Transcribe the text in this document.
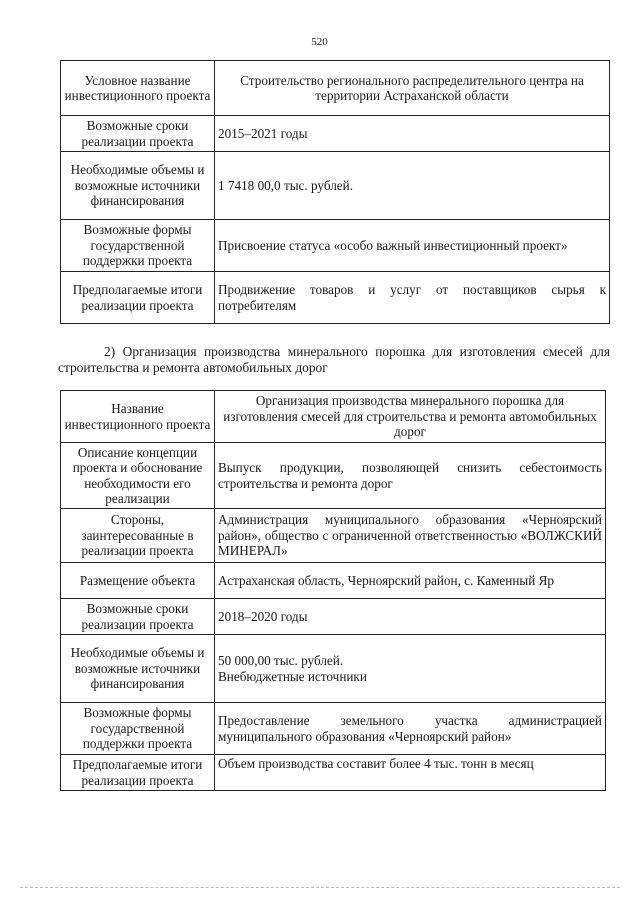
520
Условное название инвестиционного проекта	Строительство регионального распределительного центра на территории Астраханской области
Возможные сроки реализации проекта	2015–2021 годы
Необходимые объемы и возможные источники финансирования	1 7418 00,0 тыс. рублей.
Возможные формы государственной поддержки проекта	Присвоение статуса «особо важный инвестиционный проект»
Предполагаемые итоги реализации проекта	Продвижение товаров и услуг от поставщиков сырья к потребителям
2) Организация производства минерального порошка для изготовления смесей для строительства и ремонта автомобильных дорог
Название инвестиционного проекта	Организация производства минерального порошка для изготовления смесей для строительства и ремонта автомобильных дорог
Описание концепции проекта и обоснование необходимости его реализации	Выпуск продукции, позволяющей снизить себестоимость строительства и ремонта дорог
Стороны, заинтересованные в реализации проекта	Администрация муниципального образования «Черноярский район», общество с ограниченной ответственностью «ВОЛЖСКИЙ МИНЕРАЛ»
Размещение объекта	Астраханская область, Черноярский район, с. Каменный Яр
Возможные сроки реализации проекта	2018–2020 годы
Необходимые объемы и возможные источники финансирования	50 000,00 тыс. рублей.
Внебюджетные источники

Возможные формы государственной поддержки проекта	Предоставление земельного участка администрацией муниципального образования «Черноярский район»
Предполагаемые итоги реализации проекта	Объем производства составит более 4 тыс. тонн в месяц
